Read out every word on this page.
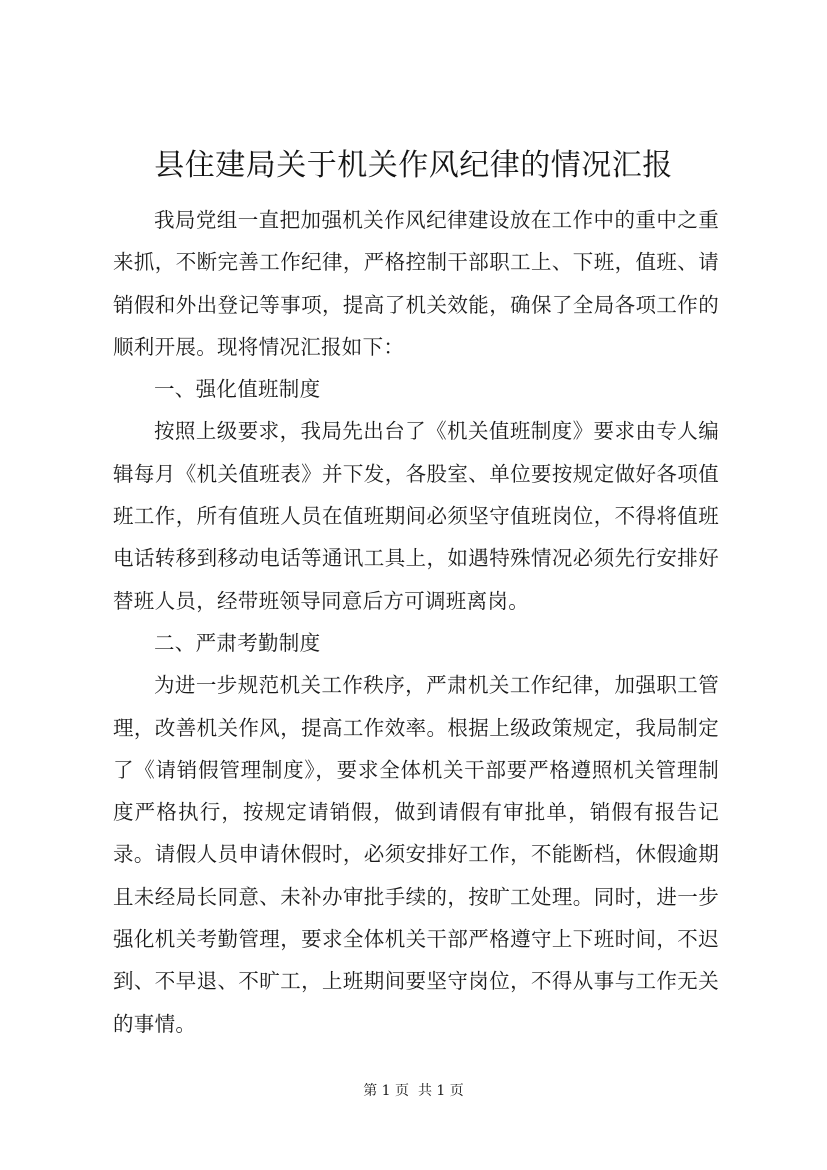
县住建局关于机关作风纪律的情况汇报

我局党组一直把加强机关作风纪律建设放在工作中的重中之重来抓，不断完善工作纪律，严格控制干部职工上、下班，值班、请销假和外出登记等事项，提高了机关效能，确保了全局各项工作的顺利开展。现将情况汇报如下：

一、强化值班制度

按照上级要求，我局先出台了《机关值班制度》要求由专人编辑每月《机关值班表》并下发，各股室、单位要按规定做好各项值班工作，所有值班人员在值班期间必须坚守值班岗位，不得将值班电话转移到移动电话等通讯工具上，如遇特殊情况必须先行安排好替班人员，经带班领导同意后方可调班离岗。

二、严肃考勤制度

为进一步规范机关工作秩序，严肃机关工作纪律，加强职工管理，改善机关作风，提高工作效率。根据上级政策规定，我局制定了《请销假管理制度》，要求全体机关干部要严格遵照机关管理制度严格执行，按规定请销假，做到请假有审批单，销假有报告记录。请假人员申请休假时，必须安排好工作，不能断档，休假逾期且未经局长同意、未补办审批手续的，按旷工处理。同时，进一步强化机关考勤管理，要求全体机关干部严格遵守上下班时间，不迟到、不早退、不旷工，上班期间要坚守岗位，不得从事与工作无关的事情。

第 1 页  共 1 页
